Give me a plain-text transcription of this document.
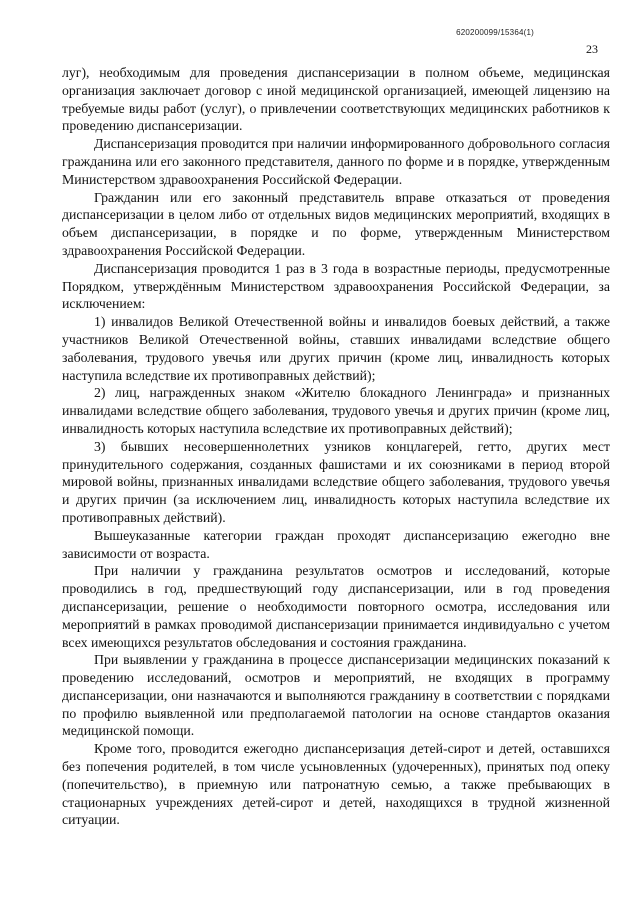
620200099/15364(1)
23

луг), необходимым для проведения диспансеризации в полном объеме, медицинская организация заключает договор с иной медицинской организацией, имеющей лицензию на требуемые виды работ (услуг), о привлечении соответствующих медицинских работников к проведению диспансеризации.

Диспансеризация проводится при наличии информированного добровольного согласия гражданина или его законного представителя, данного по форме и в порядке, утвержденным Министерством здравоохранения Российской Федерации.

Гражданин или его законный представитель вправе отказаться от проведения диспансеризации в целом либо от отдельных видов медицинских мероприятий, входящих в объем диспансеризации, в порядке и по форме, утвержденным Министерством здравоохранения Российской Федерации.

Диспансеризация проводится 1 раз в 3 года в возрастные периоды, предусмотренные Порядком, утверждённым Министерством здравоохранения Российской Федерации, за исключением:

1) инвалидов Великой Отечественной войны и инвалидов боевых действий, а также участников Великой Отечественной войны, ставших инвалидами вследствие общего заболевания, трудового увечья или других причин (кроме лиц, инвалидность которых наступила вследствие их противоправных действий);

2) лиц, награжденных знаком «Жителю блокадного Ленинграда» и признанных инвалидами вследствие общего заболевания, трудового увечья и других причин (кроме лиц, инвалидность которых наступила вследствие их противоправных действий);

3) бывших несовершеннолетних узников концлагерей, гетто, других мест принудительного содержания, созданных фашистами и их союзниками в период второй мировой войны, признанных инвалидами вследствие общего заболевания, трудового увечья и других причин (за исключением лиц, инвалидность которых наступила вследствие их противоправных действий).

Вышеуказанные категории граждан проходят диспансеризацию ежегодно вне зависимости от возраста.

При наличии у гражданина результатов осмотров и исследований, которые проводились в год, предшествующий году диспансеризации, или в год проведения диспансеризации, решение о необходимости повторного осмотра, исследования или мероприятий в рамках проводимой диспансеризации принимается индивидуально с учетом всех имеющихся результатов обследования и состояния гражданина.

При выявлении у гражданина в процессе диспансеризации медицинских показаний к проведению исследований, осмотров и мероприятий, не входящих в программу диспансеризации, они назначаются и выполняются гражданину в соответствии с порядками по профилю выявленной или предполагаемой патологии на основе стандартов оказания медицинской помощи.

Кроме того, проводится ежегодно диспансеризация детей-сирот и детей, оставшихся без попечения родителей, в том числе усыновленных (удочеренных), принятых под опеку (попечительство), в приемную или патронатную семью, а также пребывающих в стационарных учреждениях детей-сирот и детей, находящихся в трудной жизненной ситуации.
